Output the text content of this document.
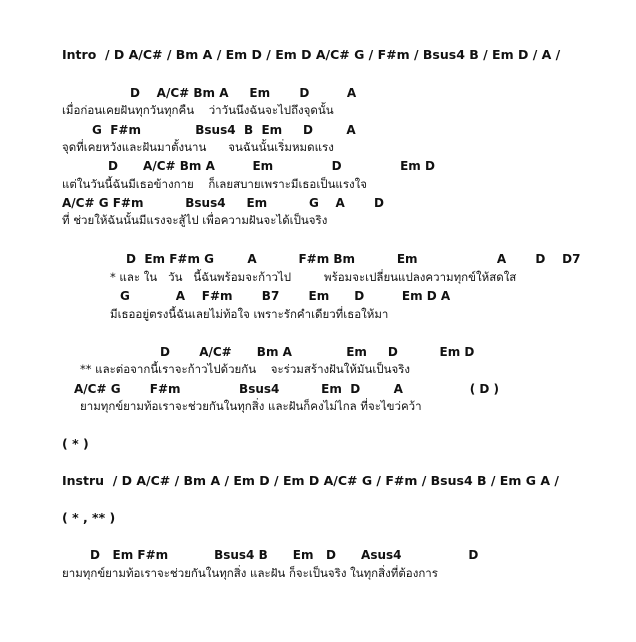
Intro  / D A/C# / Bm A / Em D / Em D A/C# G / F#m / Bsus4 B / Em D / A /
D    A/C# Bm A     Em       D         A
เมื่อก่อนเคยฝันทุกวันทุกคืน    ว่าวันนึงฉันจะไปถึงจุดนั้น
G  F#m             Bsus4  B  Em     D        A
จุดที่เคยหวังและฝันมาตั้งนาน      จนฉันนั้นเริ่มหมดแรง
D      A/C# Bm A         Em              D              Em D
แต่ในวันนี้ฉันมีเธอข้างกาย    ก็เลยสบายเพราะมีเธอเป็นแรงใจ
A/C# G F#m          Bsus4     Em          G    A       D
ที่ ช่วยให้ฉันนั้นมีแรงจะสู้ไป เพื่อความฝันจะได้เป็นจริง
D  Em F#m G        A          F#m Bm          Em                   A       D    D7
* และ ใน   วัน   นี้ฉันพร้อมจะก้าวไป         พร้อมจะเปลี่ยนแปลงความทุกข์ให้สดใส
G           A    F#m       B7       Em      D         Em D A
มีเธออยู่ตรงนี้ฉันเลยไม่ท้อใจ เพราะรักคำเดียวที่เธอให้มา
D       A/C#      Bm A             Em     D          Em D
** และต่อจากนี้เราจะก้าวไปด้วยกัน    จะร่วมสร้างฝันให้มันเป็นจริง
A/C# G       F#m              Bsus4          Em  D        A                ( D )
ยามทุกข์ยามท้อเราจะช่วยกันในทุกสิ่ง และฝันก็คงไม่ไกล ที่จะไขว่คว้า
( * )
Instru  / D A/C# / Bm A / Em D / Em D A/C# G / F#m / Bsus4 B / Em G A /
( * , ** )
D   Em F#m           Bsus4 B      Em   D      Asus4                D
ยามทุกข์ยามท้อเราจะช่วยกันในทุกสิ่ง และฝัน ก็จะเป็นจริง ในทุกสิ่งที่ต้องการ
